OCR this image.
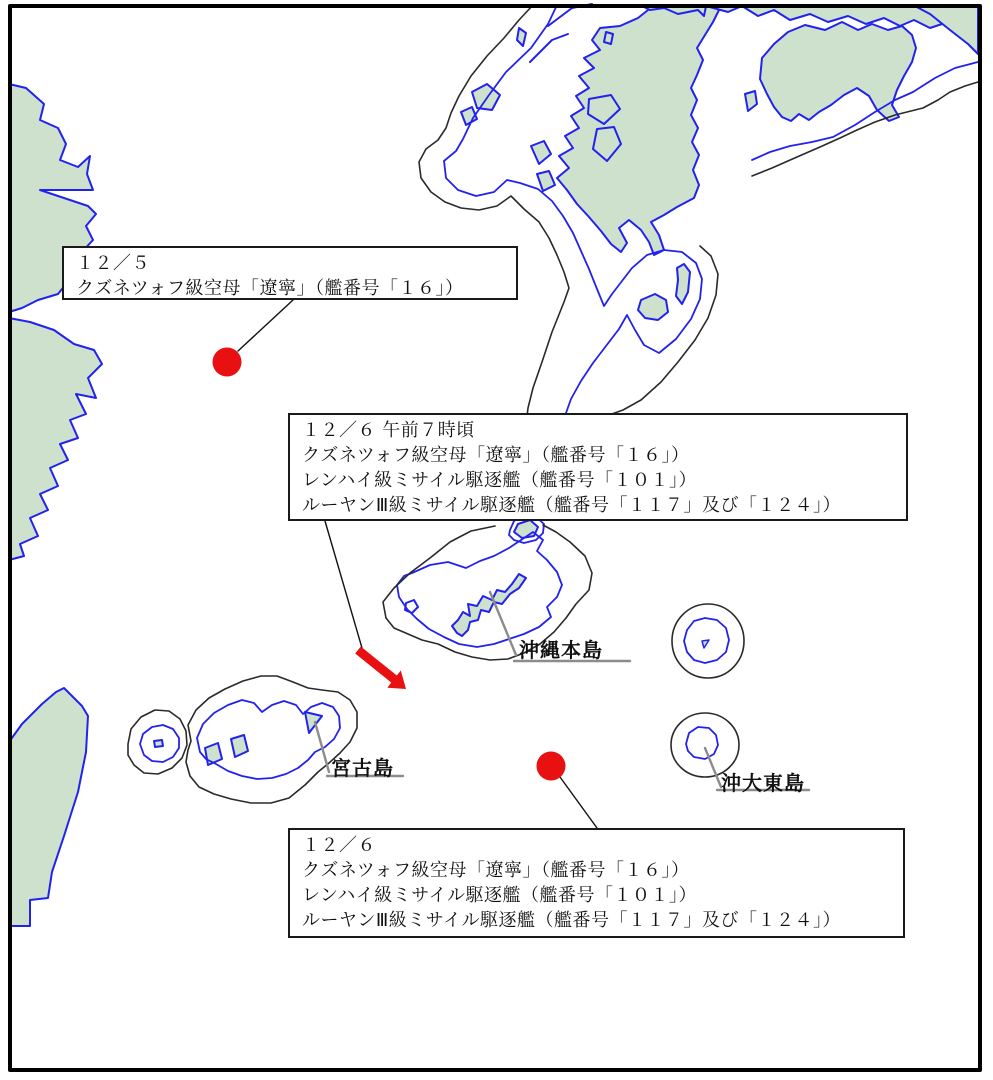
１２／５
クズネツォフ級空母「遼寧」（艦番号「１６」）
１２／６ 午前７時頃
クズネツォフ級空母「遼寧」（艦番号「１６」）
レンハイ級ミサイル駆逐艦（艦番号「１０１」）
ルーヤンⅢ級ミサイル駆逐艦（艦番号「１１７」及び「１２４」）
１２／６
クズネツォフ級空母「遼寧」（艦番号「１６」）
レンハイ級ミサイル駆逐艦（艦番号「１０１」）
ルーヤンⅢ級ミサイル駆逐艦（艦番号「１１７」及び「１２４」）
沖縄本島
宮古島
沖大東島
